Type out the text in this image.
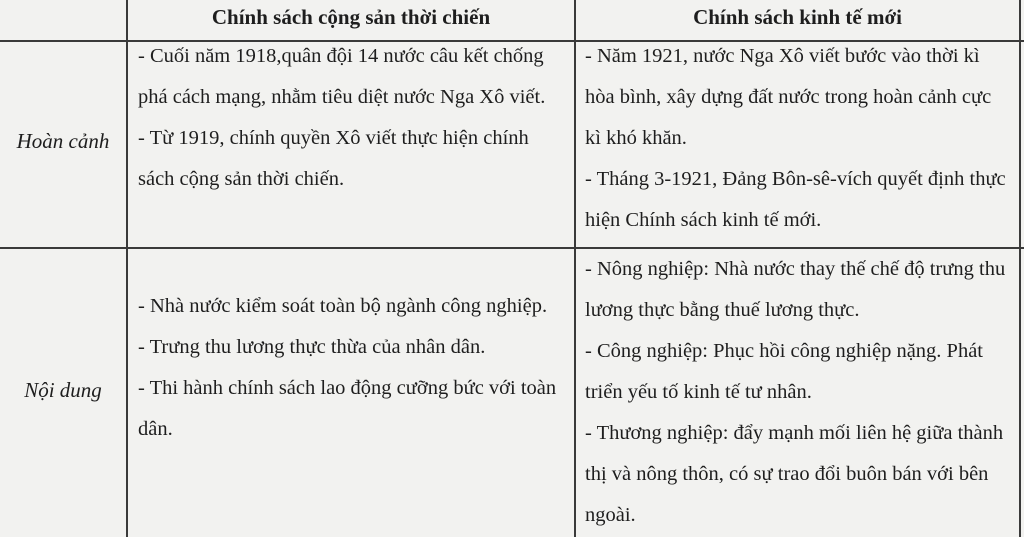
Chính sách cộng sản thời chiến	Chính sách kinh tế mới
Hoàn cảnh

- Cuối năm 1918,quân đội 14 nước câu kết chống phá cách mạng, nhằm tiêu diệt nước Nga Xô viết.

- Từ 1919, chính quyền Xô viết thực hiện chính sách cộng sản thời chiến.

- Năm 1921, nước Nga Xô viết bước vào thời kì hòa bình, xây dựng đất nước trong hoàn cảnh cực kì khó khăn.

- Tháng 3-1921, Đảng Bôn-sê-vích quyết định thực hiện Chính sách kinh tế mới.

Nội dung

- Nhà nước kiểm soát toàn bộ ngành công nghiệp.

- Trưng thu lương thực thừa của nhân dân.

- Thi hành chính sách lao động cưỡng bức với toàn dân.

- Nông nghiệp: Nhà nước thay thế chế độ trưng thu lương thực bằng thuế lương thực.

- Công nghiệp: Phục hồi công nghiệp nặng. Phát triển yếu tố kinh tế tư nhân.

- Thương nghiệp: đẩy mạnh mối liên hệ giữa thành thị và nông thôn, có sự trao đổi buôn bán với bên ngoài.
